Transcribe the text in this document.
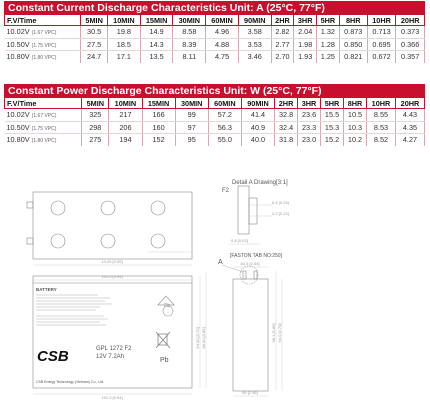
Constant Current Discharge Characteristics Unit: A (25°C, 77°F)
F.V/Time	5MIN	10MIN	15MIN	30MIN	60MIN	90MIN	2HR	3HR	5HR	8HR	10HR	20HR
10.02V (1.67 VPC)	30.5	19.8	14.9	8.58	4.96	3.58	2.82	2.04	1.32	0.873	0.713	0.373
10.50V (1.75 VPC)	27.5	18.5	14.3	8.39	4.88	3.53	2.77	1.98	1.28	0.850	0.695	0.366
10.80V (1.80 VPC)	24.7	17.1	13.5	8.11	4.75	3.46	2.70	1.93	1.25	0.821	0.672	0.357
Constant Power Discharge Characteristics Unit: W (25°C, 77°F)
F.V/Time	5MIN	10MIN	15MIN	30MIN	60MIN	90MIN	2HR	3HR	5HR	8HR	10HR	20HR
10.02V (1.67 VPC)	325	217	166	99	57.2	41.4	32.8	23.6	15.5	10.5	8.55	4.43
10.50V (1.75 VPC)	298	206	160	97	56.3	40.9	32.4	23.3	15.3	10.3	8.53	4.35
10.80V (1.80 VPC)	275	194	152	95	55.0	40.0	31.8	23.0	15.2	10.2	8.52	4.27
14.00 [0.55]
151.0 [5.94]
151.0 [5.94]
94.00 [3.70] 98.00 [3.86]
64.5 [2.54]
65 [2.56]
98.1 [3.86] 94.0 [3.70]
6.4 [0.25]
3.2 [0.13]
0.8 [0.03]
Detail A Drawing[3:1]
F2
[FASTON TAB NO:250]
A
BATTERY
Pb
Pb
CSB	GPL 1272 F2
12V 7.2Ah
CSB Energy Technology (Vietnam) Co., Ltd.
